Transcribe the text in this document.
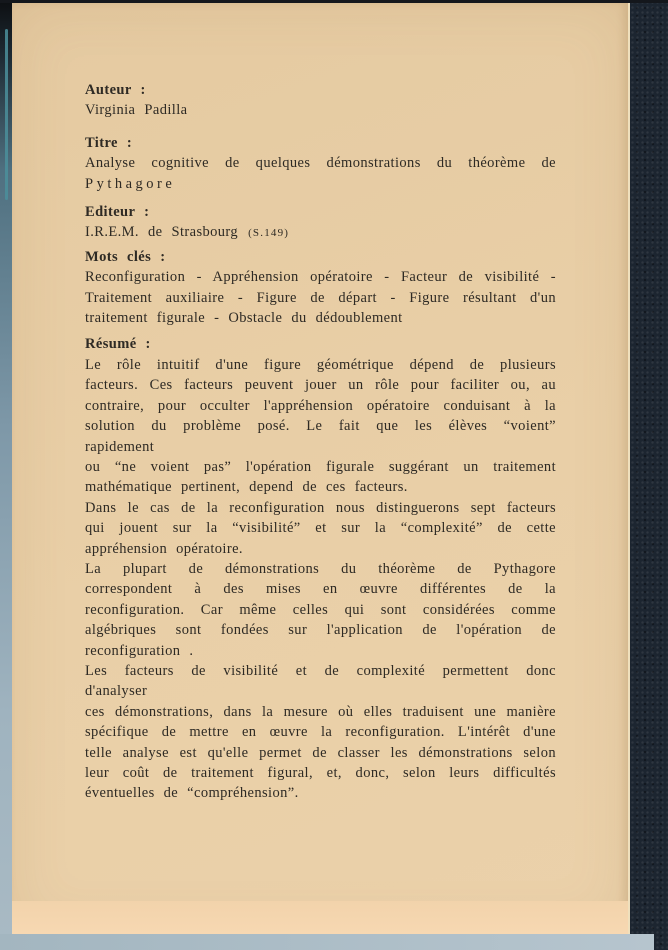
Auteur :
Virginia Padilla
Titre :
Analyse cognitive de quelques démonstrations du théorème de
Pythagore
Editeur :
I.R.E.M. de Strasbourg (S.149)
Mots clés :
Reconfiguration - Appréhension opératoire - Facteur de visibilité -
Traitement auxiliaire - Figure de départ - Figure résultant d'un
traitement figurale - Obstacle du dédoublement
Résumé :
Le rôle intuitif d'une figure géométrique dépend de plusieurs
facteurs. Ces facteurs peuvent jouer un rôle pour faciliter ou, au
contraire, pour occulter l'appréhension opératoire conduisant à la
solution du problème posé. Le fait que les élèves “voient” rapidement
ou “ne voient pas” l'opération figurale suggérant un traitement
mathématique pertinent, depend de ces facteurs.
Dans le cas de la reconfiguration nous distinguerons sept facteurs
qui jouent sur la “visibilité” et sur la “complexité” de cette
appréhension opératoire.
La plupart de démonstrations du théorème de Pythagore
correspondent à des mises en œuvre différentes de la
reconfiguration. Car même celles qui sont considérées comme
algébriques sont fondées sur l'application de l'opération de
reconfiguration .
Les facteurs de visibilité et de complexité permettent donc d'analyser
ces démonstrations, dans la mesure où elles traduisent une manière
spécifique de mettre en œuvre la reconfiguration. L'intérêt d'une
telle analyse est qu'elle permet de classer les démonstrations selon
leur coût de traitement figural, et, donc, selon leurs difficultés
éventuelles de “compréhension”.
